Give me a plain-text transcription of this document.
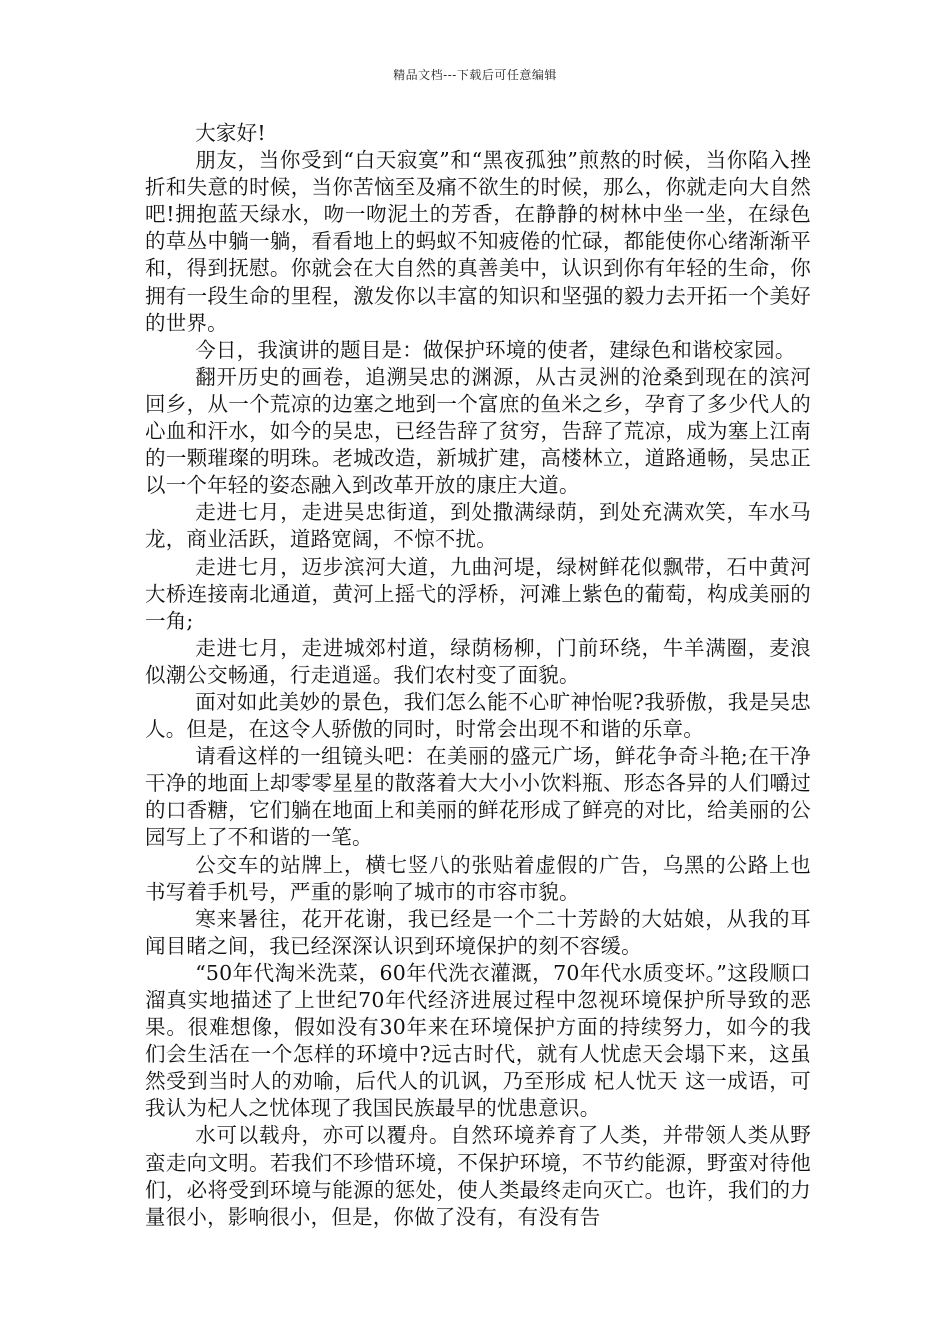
精品文档---下载后可任意编辑

大家好!

朋友，当你受到“白天寂寞”和“黑夜孤独”煎熬的时候，当你陷入挫折和失意的时候，当你苦恼至及痛不欲生的时候，那么，你就走向大自然吧!拥抱蓝天绿水，吻一吻泥土的芳香，在静静的树林中坐一坐，在绿色的草丛中躺一躺，看看地上的蚂蚁不知疲倦的忙碌，都能使你心绪渐渐平和，得到抚慰。你就会在大自然的真善美中，认识到你有年轻的生命，你拥有一段生命的里程，激发你以丰富的知识和坚强的毅力去开拓一个美好的世界。

今日，我演讲的题目是：做保护环境的使者，建绿色和谐校家园。

翻开历史的画卷，追溯吴忠的渊源，从古灵洲的沧桑到现在的滨河回乡，从一个荒凉的边塞之地到一个富庶的鱼米之乡，孕育了多少代人的心血和汗水，如今的吴忠，已经告辞了贫穷，告辞了荒凉，成为塞上江南的一颗璀璨的明珠。老城改造，新城扩建，高楼林立，道路通畅，吴忠正以一个年轻的姿态融入到改革开放的康庄大道。

走进七月，走进吴忠街道，到处撒满绿荫，到处充满欢笑，车水马龙，商业活跃，道路宽阔，不惊不扰。

走进七月，迈步滨河大道，九曲河堤，绿树鲜花似飘带，石中黄河大桥连接南北通道，黄河上摇弋的浮桥，河滩上紫色的葡萄，构成美丽的一角;

走进七月，走进城郊村道，绿荫杨柳，门前环绕，牛羊满圈，麦浪似潮公交畅通，行走逍遥。我们农村变了面貌。

面对如此美妙的景色，我们怎么能不心旷神怡呢?我骄傲，我是吴忠人。但是，在这令人骄傲的同时，时常会出现不和谐的乐章。

请看这样的一组镜头吧：在美丽的盛元广场，鲜花争奇斗艳;在干净干净的地面上却零零星星的散落着大大小小饮料瓶、形态各异的人们嚼过的口香糖，它们躺在地面上和美丽的鲜花形成了鲜亮的对比，给美丽的公园写上了不和谐的一笔。

公交车的站牌上，横七竖八的张贴着虚假的广告，乌黑的公路上也书写着手机号，严重的影响了城市的市容市貌。

寒来暑往，花开花谢，我已经是一个二十芳龄的大姑娘，从我的耳闻目睹之间，我已经深深认识到环境保护的刻不容缓。

“50年代淘米洗菜，60年代洗衣灌溉，70年代水质变坏。”这段顺口溜真实地描述了上世纪70年代经济进展过程中忽视环境保护所导致的恶果。很难想像，假如没有30年来在环境保护方面的持续努力，如今的我们会生活在一个怎样的环境中?远古时代，就有人忧虑天会塌下来，这虽然受到当时人的劝喻，后代人的讥讽，乃至形成 杞人忧天 这一成语，可我认为杞人之忧体现了我国民族最早的忧患意识。

水可以载舟，亦可以覆舟。自然环境养育了人类，并带领人类从野蛮走向文明。若我们不珍惜环境，不保护环境，不节约能源，野蛮对待他们，必将受到环境与能源的惩处，使人类最终走向灭亡。也许，我们的力量很小，影响很小，但是，你做了没有，有没有告
